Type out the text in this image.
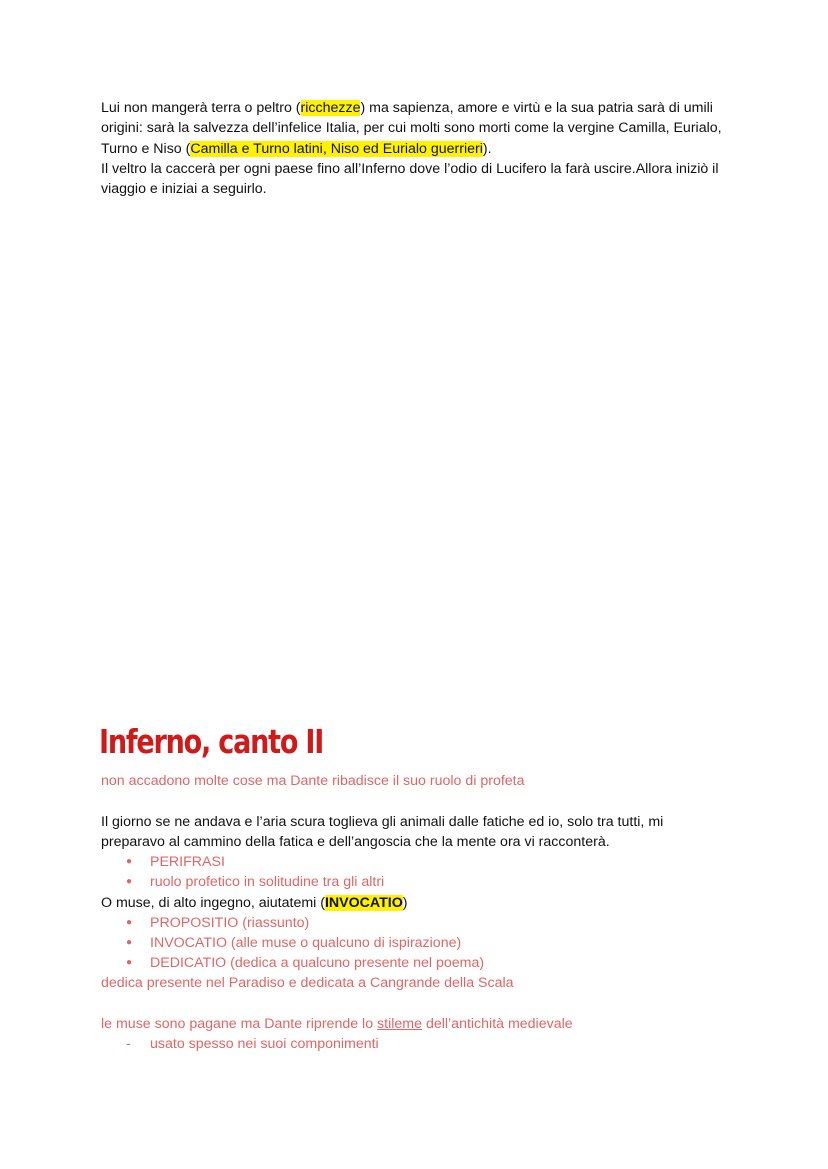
Lui non mangerà terra o peltro (ricchezze) ma sapienza, amore e virtù e la sua patria sarà di umili origini: sarà la salvezza dell’infelice Italia, per cui molti sono morti come la vergine Camilla, Eurialo, Turno e Niso (Camilla e Turno latini, Niso ed Eurialo guerrieri).
Il veltro la caccerà per ogni paese fino all’Inferno dove l’odio di Lucifero la farà uscire.Allora iniziò il viaggio e iniziai a seguirlo.
Inferno, canto II
non accadono molte cose ma Dante ribadisce il suo ruolo di profeta
Il giorno se ne andava e l’aria scura toglieva gli animali dalle fatiche ed io, solo tra tutti, mi
preparavo al cammino della fatica e dell’angoscia che la mente ora vi racconterà.
● PERIFRASI
● ruolo profetico in solitudine tra gli altri
O muse, di alto ingegno, aiutatemi (INVOCATIO)
● PROPOSITIO (riassunto)
● INVOCATIO (alle muse o qualcuno di ispirazione)
● DEDICATIO (dedica a qualcuno presente nel poema)
dedica presente nel Paradiso e dedicata a Cangrande della Scala
le muse sono pagane ma Dante riprende lo stileme dell’antichità medievale
- usato spesso nei suoi componimenti
